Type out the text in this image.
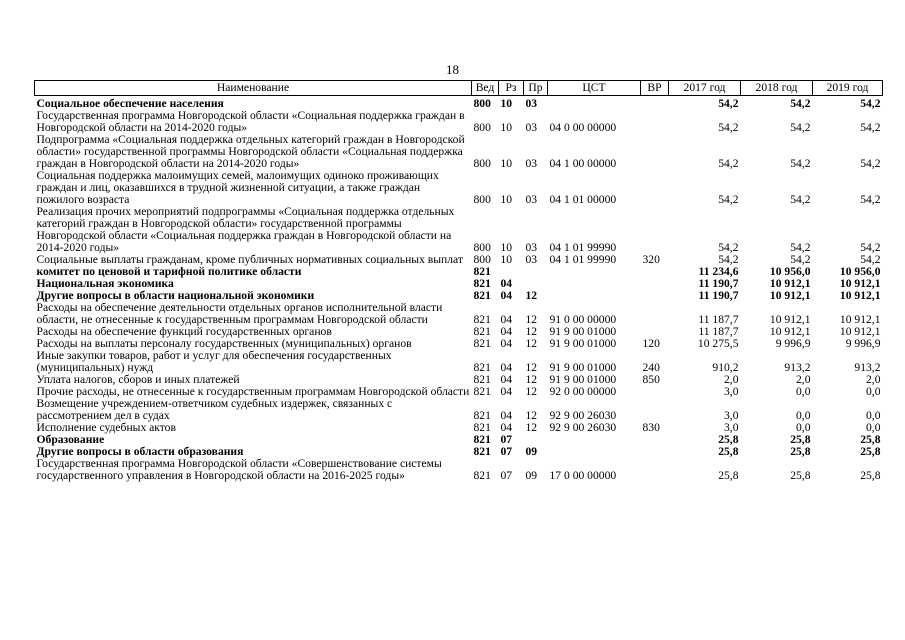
18
Наименование	Вед	Рз	Пр	ЦСТ	ВР	2017 год	2018 год	2019 год
Социальное обеспечение населения	800	10	03			54,2	54,2	54,2
Государственная программа Новгородской области «Социальная поддержка граждан в Новгородской области на 2014-2020 годы»	800	10	03	04 0 00 00000		54,2	54,2	54,2
Подпрограмма «Социальная поддержка отдельных категорий граждан в Новгородской области» государственной программы Новгородской области «Социальная поддержка граждан в Новгородской области на 2014-2020 годы»	800	10	03	04 1 00 00000		54,2	54,2	54,2
Социальная поддержка малоимущих семей, малоимущих одиноко проживающих граждан и лиц, оказавшихся в трудной жизненной ситуации, а также граждан пожилого возраста	800	10	03	04 1 01 00000		54,2	54,2	54,2
Реализация прочих мероприятий подпрограммы «Социальная поддержка отдельных категорий граждан в Новгородской области» государственной программы Новгородской области «Социальная поддержка граждан в Новгородской области на 2014-2020 годы»	800	10	03	04 1 01 99990		54,2	54,2	54,2
Социальные выплаты гражданам, кроме публичных нормативных социальных выплат	800	10	03	04 1 01 99990	320	54,2	54,2	54,2
комитет по ценовой и тарифной политике области	821					11 234,6	10 956,0	10 956,0
Национальная экономика	821	04				11 190,7	10 912,1	10 912,1
Другие вопросы в области национальной экономики	821	04	12			11 190,7	10 912,1	10 912,1
Расходы на обеспечение деятельности отдельных органов исполнительной власти области, не отнесенные к государственным программам Новгородской области	821	04	12	91 0 00 00000		11 187,7	10 912,1	10 912,1
Расходы на обеспечение функций государственных органов	821	04	12	91 9 00 01000		11 187,7	10 912,1	10 912,1
Расходы на выплаты персоналу государственных (муниципальных) органов	821	04	12	91 9 00 01000	120	10 275,5	9 996,9	9 996,9
Иные закупки товаров, работ и услуг для обеспечения государственных (муниципальных) нужд	821	04	12	91 9 00 01000	240	910,2	913,2	913,2
Уплата налогов, сборов и иных платежей	821	04	12	91 9 00 01000	850	2,0	2,0	2,0
Прочие расходы, не отнесенные к государственным программам Новгородской области	821	04	12	92 0 00 00000		3,0	0,0	0,0
Возмещение учреждением-ответчиком судебных издержек, связанных с рассмотрением дел в судах	821	04	12	92 9 00 26030		3,0	0,0	0,0
Исполнение судебных актов	821	04	12	92 9 00 26030	830	3,0	0,0	0,0
Образование	821	07				25,8	25,8	25,8
Другие вопросы в области образования	821	07	09			25,8	25,8	25,8
Государственная программа Новгородской области «Совершенствование системы государственного управления в Новгородской области на 2016-2025 годы»	821	07	09	17 0 00 00000		25,8	25,8	25,8
